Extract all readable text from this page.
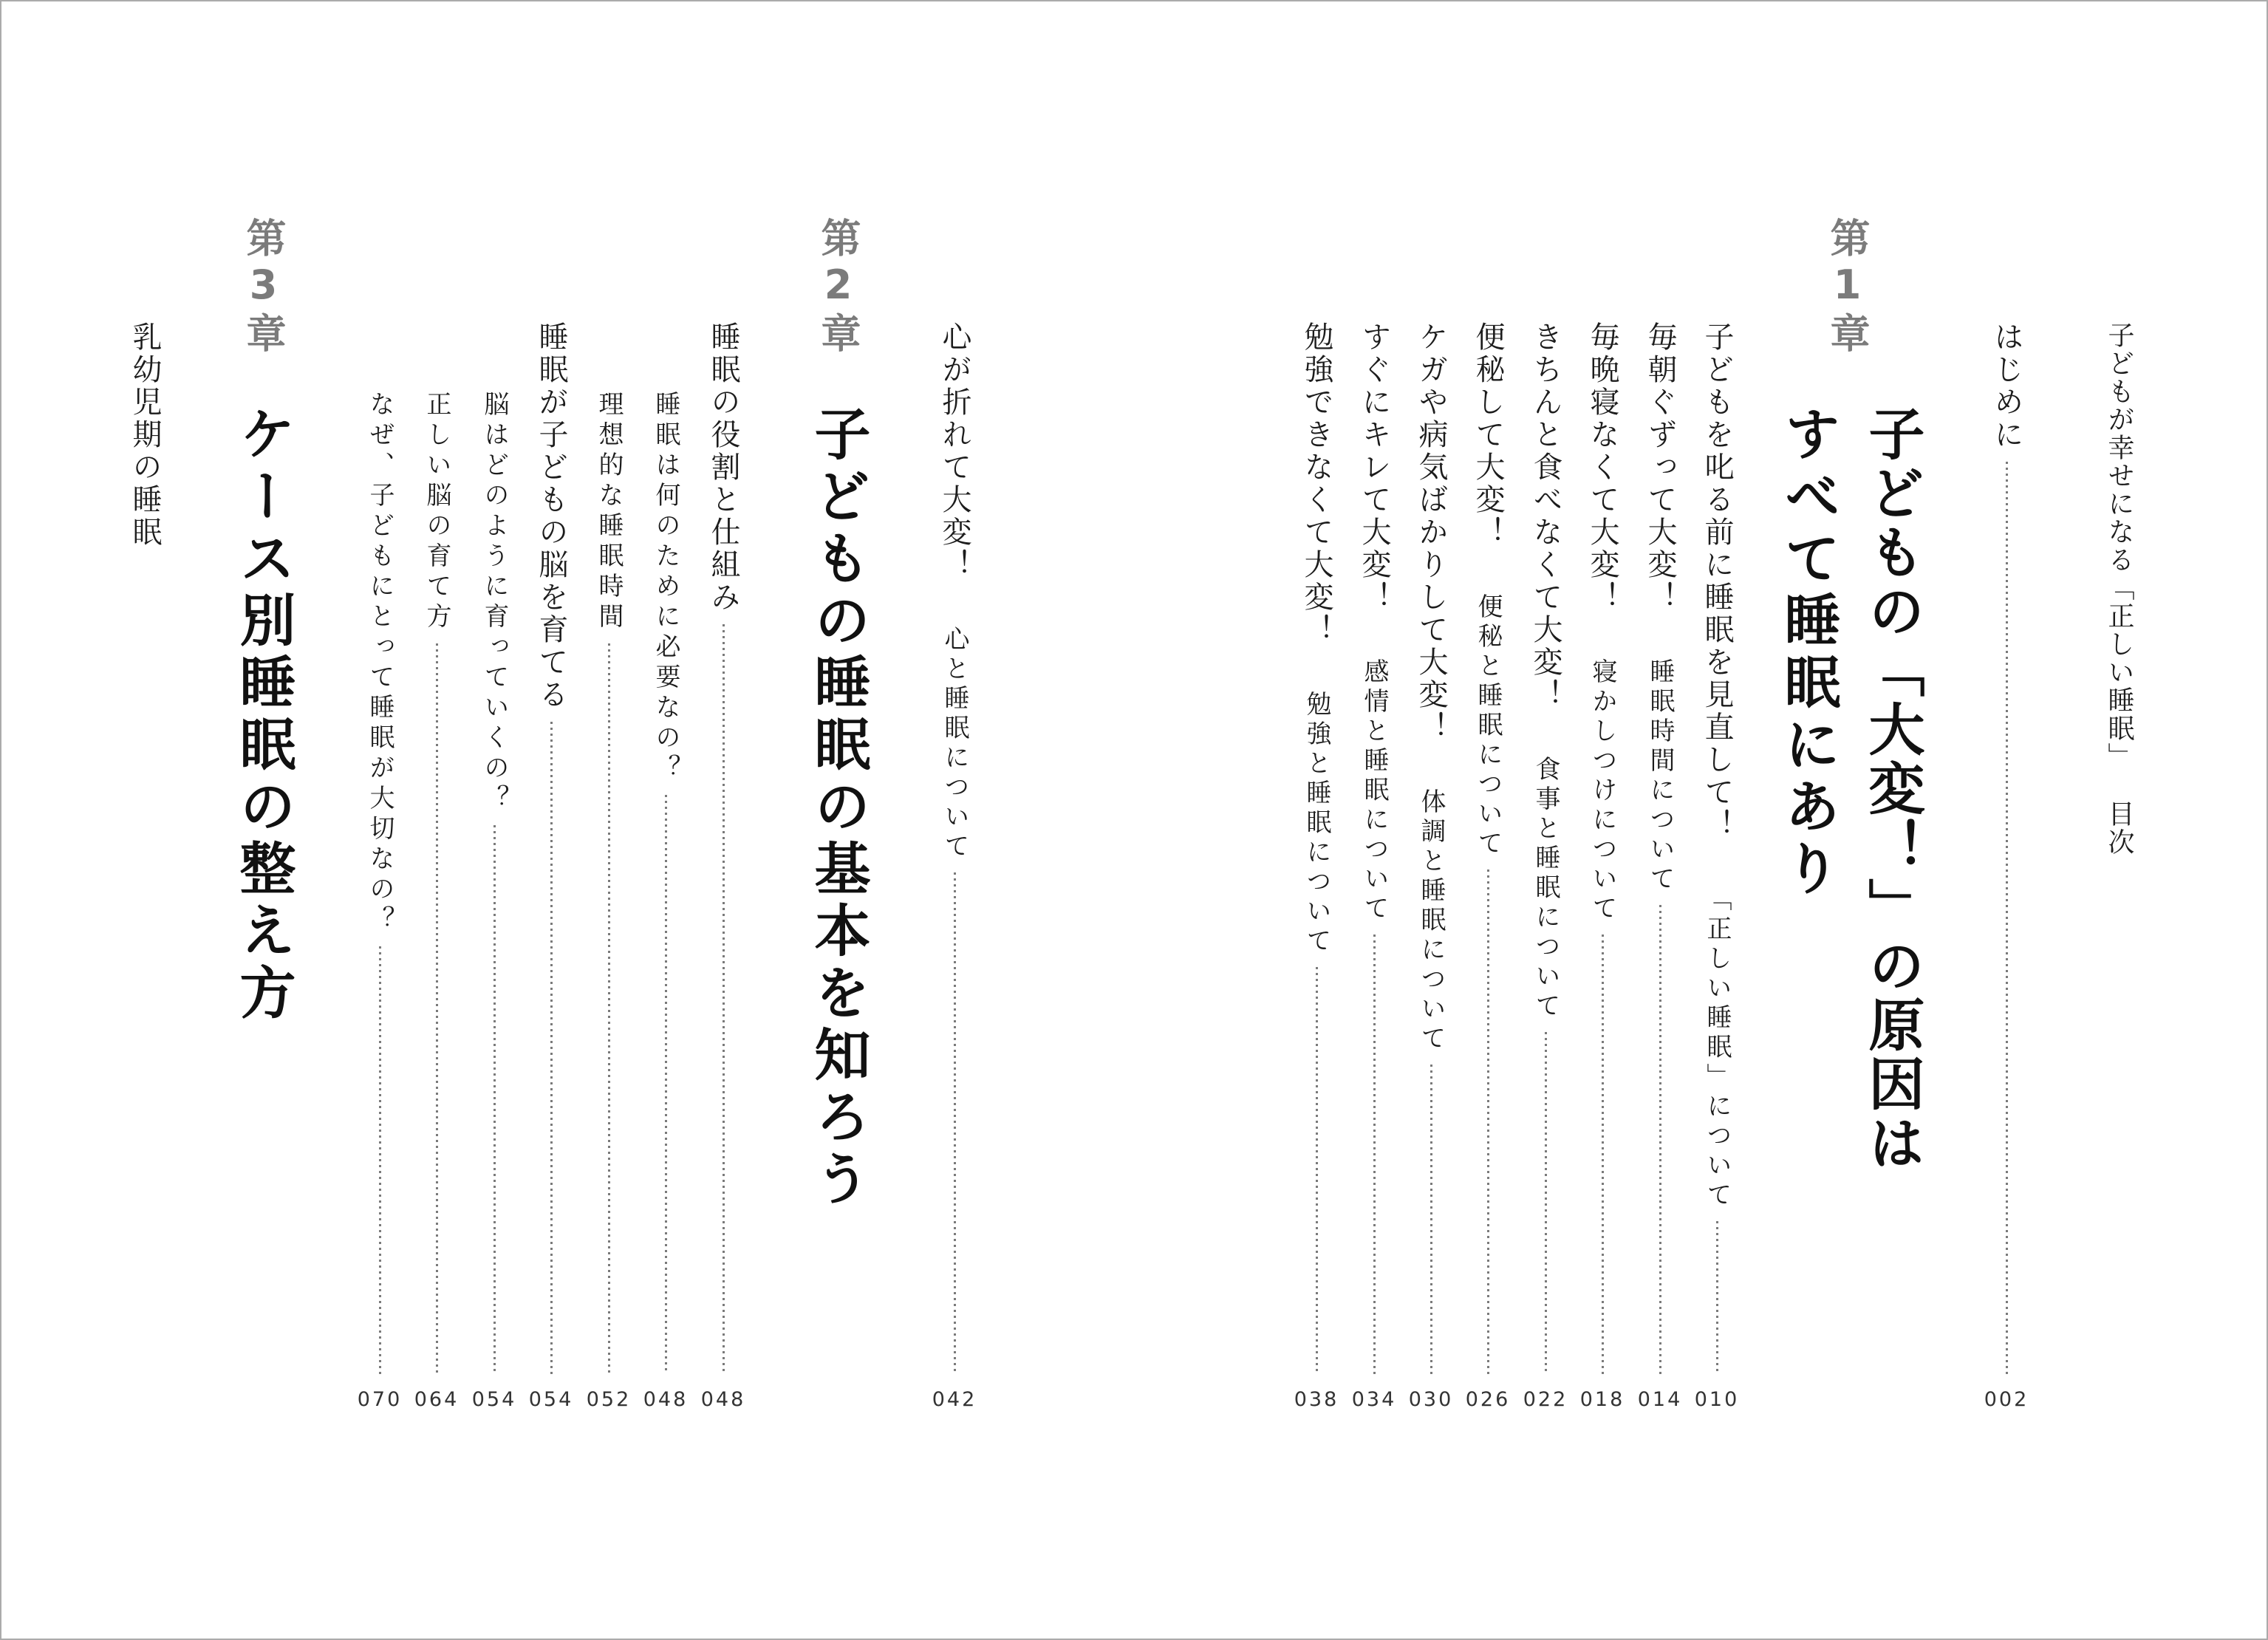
子どもが幸せになる「正しい睡眠」
目次
はじめに
002
第1章
子どもの「大変！」の原因は
すべて睡眠にあり
子どもを叱る前に睡眠を見直して！
「正しい睡眠」について
010
毎朝ぐずって大変！
睡眠時間について
014
毎晩寝なくて大変！
寝かしつけについて
018
きちんと食べなくて大変！
食事と睡眠について
022
便秘して大変！
便秘と睡眠について
026
ケガや病気ばかりして大変！
体調と睡眠について
030
すぐにキレて大変！
感情と睡眠について
034
勉強できなくて大変！
勉強と睡眠について
038
心が折れて大変！
心と睡眠について
042
第2章
子どもの睡眠の基本を知ろう
睡眠の役割と仕組み
048
睡眠は何のために必要なの？
048
理想的な睡眠時間
052
睡眠が子どもの脳を育てる
054
脳はどのように育っていくの？
054
正しい脳の育て方
064
なぜ、子どもにとって睡眠が大切なの？
070
第3章
ケース別睡眠の整え方
乳幼児期の睡眠
